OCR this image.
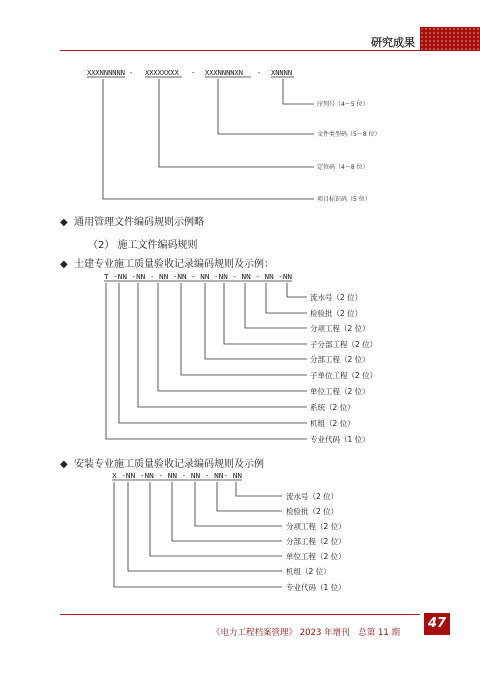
研究成果
XXXNNNNNN - XXXXXXXX - XXXNNNNXN - XNNNN
序列号（4～5 位）
文件类型码（5～8 位）
定位码（4～8 位）
项目标识码（5 位）
T -NN -NN - NN -NN - NN -NN - NN - NN -NN
流水号（2 位）
检验批（2 位）
分项工程（2 位）
子分部工程（2 位）
分部工程（2 位）
子单位工程（2 位）
单位工程（2 位）
系统（2 位）
机组（2 位）
专业代码（1 位）
X -NN -NN - NN - NN - NN- NN
流水号（2 位）
检验批（2 位）
分项工程（2 位）
分部工程（2 位）
单位工程（2 位）
机组（2 位）
专业代码（1 位）
◆ 通用管理文件编码规则示例略
（2） 施工文件编码规则
◆ 土建专业施工质量验收记录编码规则及示例：
◆ 安装专业施工质量验收记录编码规则及示例
《电力工程档案管理》 2023 年增刊 总第 11 期
47
